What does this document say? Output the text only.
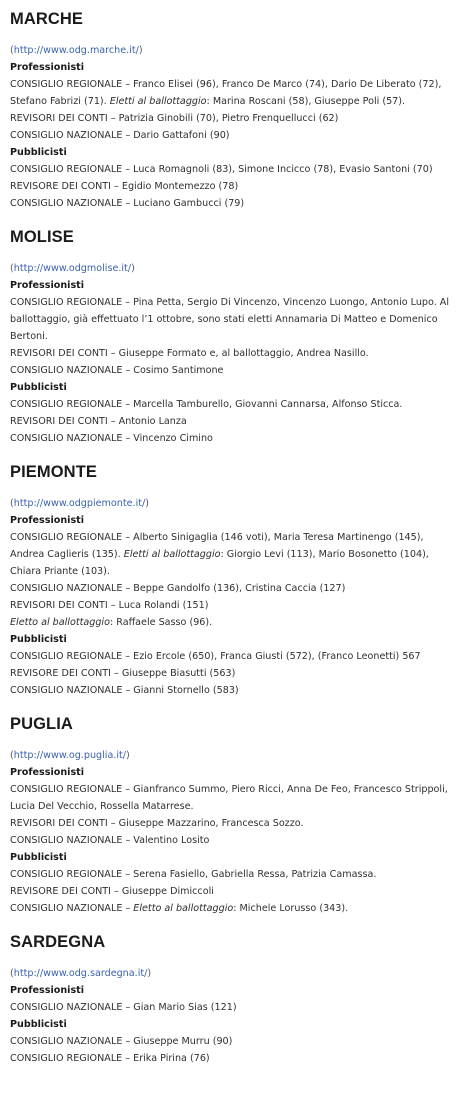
MARCHE
(http://www.odg.marche.it/)

Professionisti

CONSIGLIO REGIONALE – Franco Elisei (96), Franco De Marco (74), Dario De Liberato (72), Stefano Fabrizi (71). Eletti al ballottaggio: Marina Roscani (58), Giuseppe Poli (57).

REVISORI DEI CONTI – Patrizia Ginobili (70), Pietro Frenquellucci (62)

CONSIGLIO NAZIONALE – Dario Gattafoni (90)

Pubblicisti

CONSIGLIO REGIONALE – Luca Romagnoli (83), Simone Incicco (78), Evasio Santoni (70)

REVISORE DEI CONTI – Egidio Montemezzo (78)

CONSIGLIO NAZIONALE – Luciano Gambucci (79)

MOLISE
(http://www.odgmolise.it/)

Professionisti

CONSIGLIO REGIONALE – Pina Petta, Sergio Di Vincenzo, Vincenzo Luongo, Antonio Lupo. Al ballottaggio, già effettuato l’1 ottobre, sono stati eletti Annamaria Di Matteo e Domenico Bertoni.

REVISORI DEI CONTI – Giuseppe Formato e, al ballottaggio, Andrea Nasillo.

CONSIGLIO NAZIONALE – Cosimo Santimone

Pubblicisti

CONSIGLIO REGIONALE – Marcella Tamburello, Giovanni Cannarsa, Alfonso Sticca.

REVISORI DEI CONTI – Antonio Lanza

CONSIGLIO NAZIONALE – Vincenzo Cimino

PIEMONTE
(http://www.odgpiemonte.it/)

Professionisti

CONSIGLIO REGIONALE – Alberto Sinigaglia (146 voti), Maria Teresa Martinengo (145), Andrea Caglieris (135). Eletti al ballottaggio: Giorgio Levi (113), Mario Bosonetto (104), Chiara Priante (103).

CONSIGLIO NAZIONALE – Beppe Gandolfo (136), Cristina Caccia (127)

REVISORI DEI CONTI – Luca Rolandi (151)

Eletto al ballottaggio: Raffaele Sasso (96).

Pubblicisti

CONSIGLIO REGIONALE – Ezio Ercole (650), Franca Giusti (572), (Franco Leonetti) 567

REVISORE DEI CONTI – Giuseppe Biasutti (563)

CONSIGLIO NAZIONALE – Gianni Stornello (583)

PUGLIA
(http://www.og.puglia.it/)

Professionisti

CONSIGLIO REGIONALE – Gianfranco Summo, Piero Ricci, Anna De Feo, Francesco Strippoli, Lucia Del Vecchio, Rossella Matarrese.

REVISORI DEI CONTI – Giuseppe Mazzarino, Francesca Sozzo.

CONSIGLIO NAZIONALE – Valentino Losito

Pubblicisti

CONSIGLIO REGIONALE – Serena Fasiello, Gabriella Ressa, Patrizia Camassa.

REVISORE DEI CONTI – Giuseppe Dimiccoli

CONSIGLIO NAZIONALE – Eletto al ballottaggio: Michele Lorusso (343).

SARDEGNA
(http://www.odg.sardegna.it/)

Professionisti

CONSIGLIO NAZIONALE – Gian Mario Sias (121)

Pubblicisti

CONSIGLIO NAZIONALE – Giuseppe Murru (90)

CONSIGLIO REGIONALE – Erika Pirina (76)
